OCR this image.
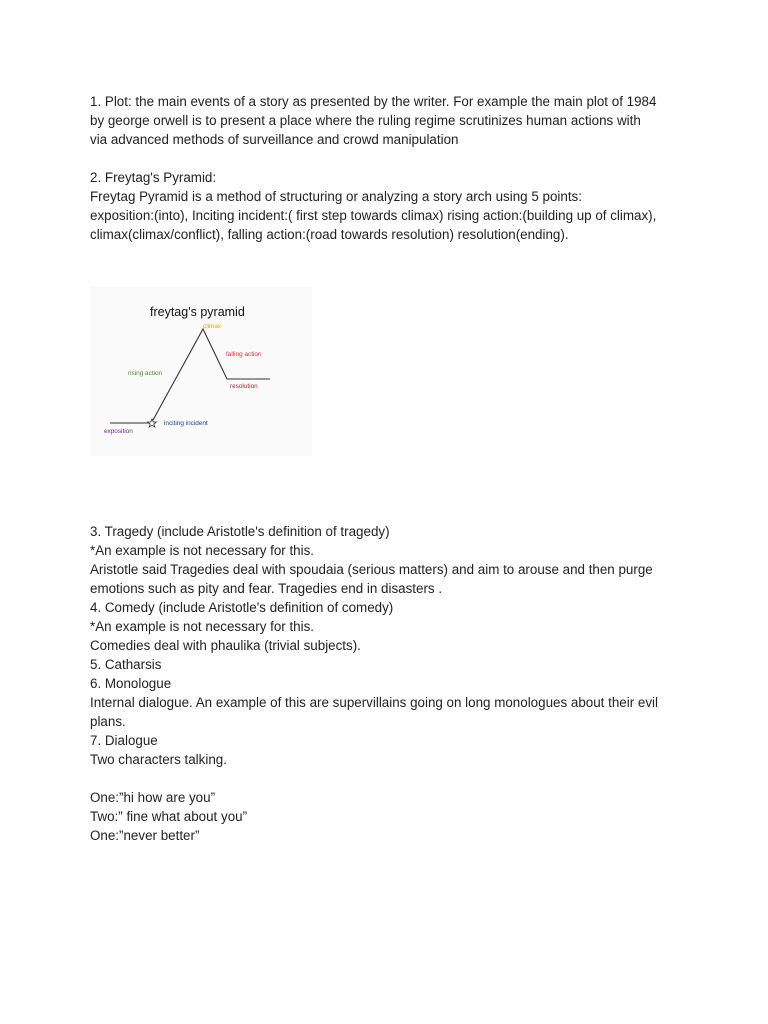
1. Plot: the main events of a story as presented by the writer. For example the main plot of 1984
by george orwell is to present a place where the ruling regime scrutinizes human actions with
via advanced methods of surveillance and crowd manipulation
2. Freytag's Pyramid:
Freytag Pyramid is a method of structuring or analyzing a story arch using 5 points:
exposition:(into), Inciting incident:( first step towards climax) rising action:(building up of climax),
climax(climax/conflict), falling action:(road towards resolution) resolution(ending).
freytag's pyramid
climax
falling action
rising action
resolution
exposition
inciting incident
3. Tragedy (include Aristotle's definition of tragedy)
*An example is not necessary for this.
Aristotle said Tragedies deal with spoudaia (serious matters) and aim to arouse and then purge
emotions such as pity and fear. Tragedies end in disasters .
4. Comedy (include Aristotle's definition of comedy)
*An example is not necessary for this.
Comedies deal with phaulika (trivial subjects).
5. Catharsis
6. Monologue
Internal dialogue. An example of this are supervillains going on long monologues about their evil
plans.
7. Dialogue
Two characters talking.
One:”hi how are you”
Two:” fine what about you”
One:”never better”
